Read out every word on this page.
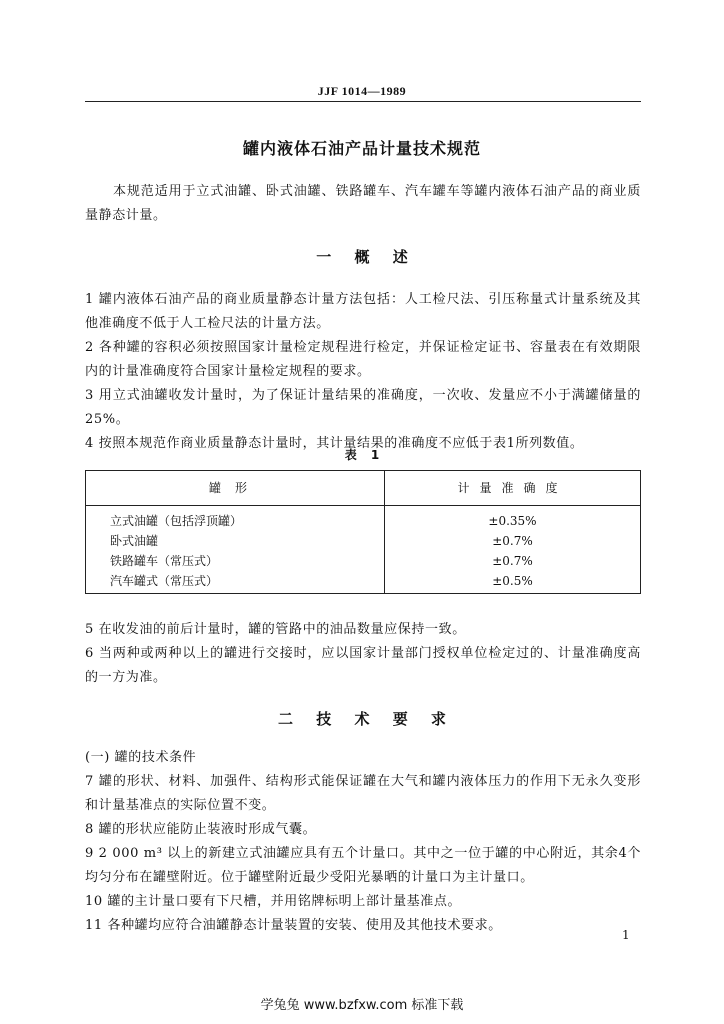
JJF 1014—1989
罐内液体石油产品计量技术规范
本规范适用于立式油罐、卧式油罐、铁路罐车、汽车罐车等罐内液体石油产品的商业质量静态计量。
一 概 述

1 罐内液体石油产品的商业质量静态计量方法包括：人工检尺法、引压称量式计量系统及其他准确度不低于人工检尺法的计量方法。

2 各种罐的容积必须按照国家计量检定规程进行检定，并保证检定证书、容量表在有效期限内的计量准确度符合国家计量检定规程的要求。

3 用立式油罐收发计量时，为了保证计量结果的准确度，一次收、发量应不小于满罐储量的25%。

4 按照本规范作商业质量静态计量时，其计量结果的准确度不应低于表1所列数值。

表 1
罐形	计量准确度
立式油罐（包括浮顶罐）	±0.35%
卧式油罐	±0.7%
铁路罐车（常压式）	±0.7%
汽车罐式（常压式）	±0.5%

5 在收发油的前后计量时，罐的管路中的油品数量应保持一致。

6 当两种或两种以上的罐进行交接时，应以国家计量部门授权单位检定过的、计量准确度高的一方为准。

二 技 术 要 求

(一) 罐的技术条件

7 罐的形状、材料、加强件、结构形式能保证罐在大气和罐内液体压力的作用下无永久变形和计量基准点的实际位置不变。

8 罐的形状应能防止装液时形成气囊。

9 2 000 m³ 以上的新建立式油罐应具有五个计量口。其中之一位于罐的中心附近，其余4个均匀分布在罐壁附近。位于罐壁附近最少受阳光暴晒的计量口为主计量口。

10 罐的主计量口要有下尺槽，并用铭牌标明上部计量基准点。

11 各种罐均应符合油罐静态计量装置的安装、使用及其他技术要求。

1
学兔兔 www.bzfxw.com 标准下载
